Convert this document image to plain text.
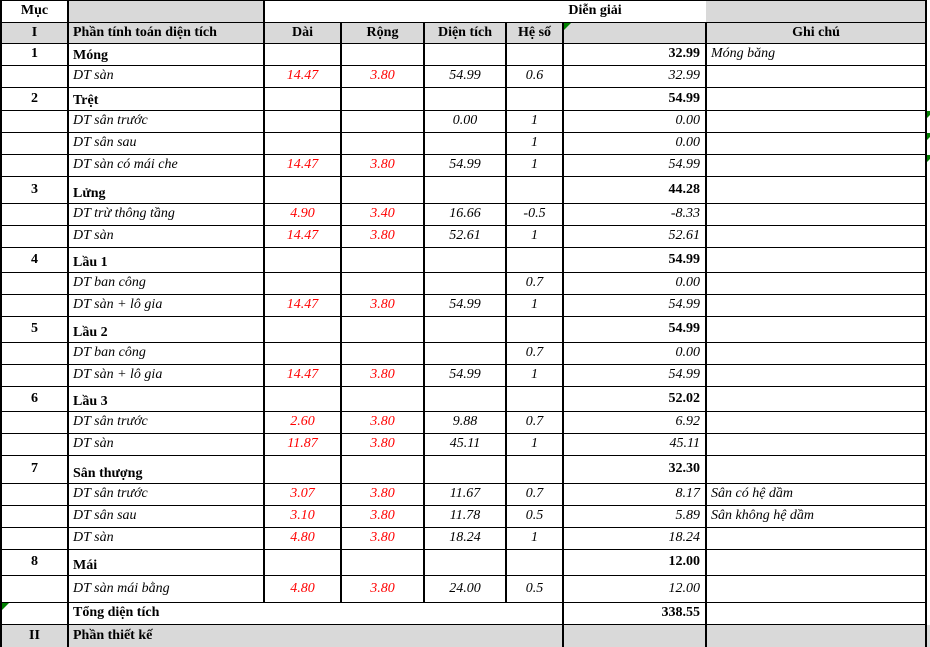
Mục		Diễn giải						
I	Phần tính toán diện tích	Dài	Rộng	Diện tích	Hệ số		Ghi chú	
1	Móng					32.99	Móng băng	
	DT sàn	14.47	3.80	54.99	0.6	32.99		
2	Trệt					54.99		
	DT sân trước			0.00	1	0.00		

	DT sân sau				1	0.00		

	DT sàn có mái che	14.47	3.80	54.99	1	54.99		

3	Lửng					44.28		
	DT trừ thông tầng	4.90	3.40	16.66	-0.5	-8.33		
	DT sàn	14.47	3.80	52.61	1	52.61		
4	Lầu 1					54.99		
	DT ban công				0.7	0.00		
	DT sàn + lô gia	14.47	3.80	54.99	1	54.99		
5	Lầu 2					54.99		
	DT ban công				0.7	0.00		
	DT sàn + lô gia	14.47	3.80	54.99	1	54.99		
6	Lầu 3					52.02		
	DT sân trước	2.60	3.80	9.88	0.7	6.92		
	DT sàn	11.87	3.80	45.11	1	45.11		
7	Sân thượng					32.30		
	DT sân trước	3.07	3.80	11.67	0.7	8.17	Sân có hệ dầm	
	DT sân sau	3.10	3.80	11.78	0.5	5.89	Sân không hệ dầm	
	DT sàn	4.80	3.80	18.24	1	18.24		
8	Mái					12.00		
	DT sàn mái bằng	4.80	3.80	24.00	0.5	12.00		

	Tổng diện tích					338.55		
II	Phần thiết kế							
